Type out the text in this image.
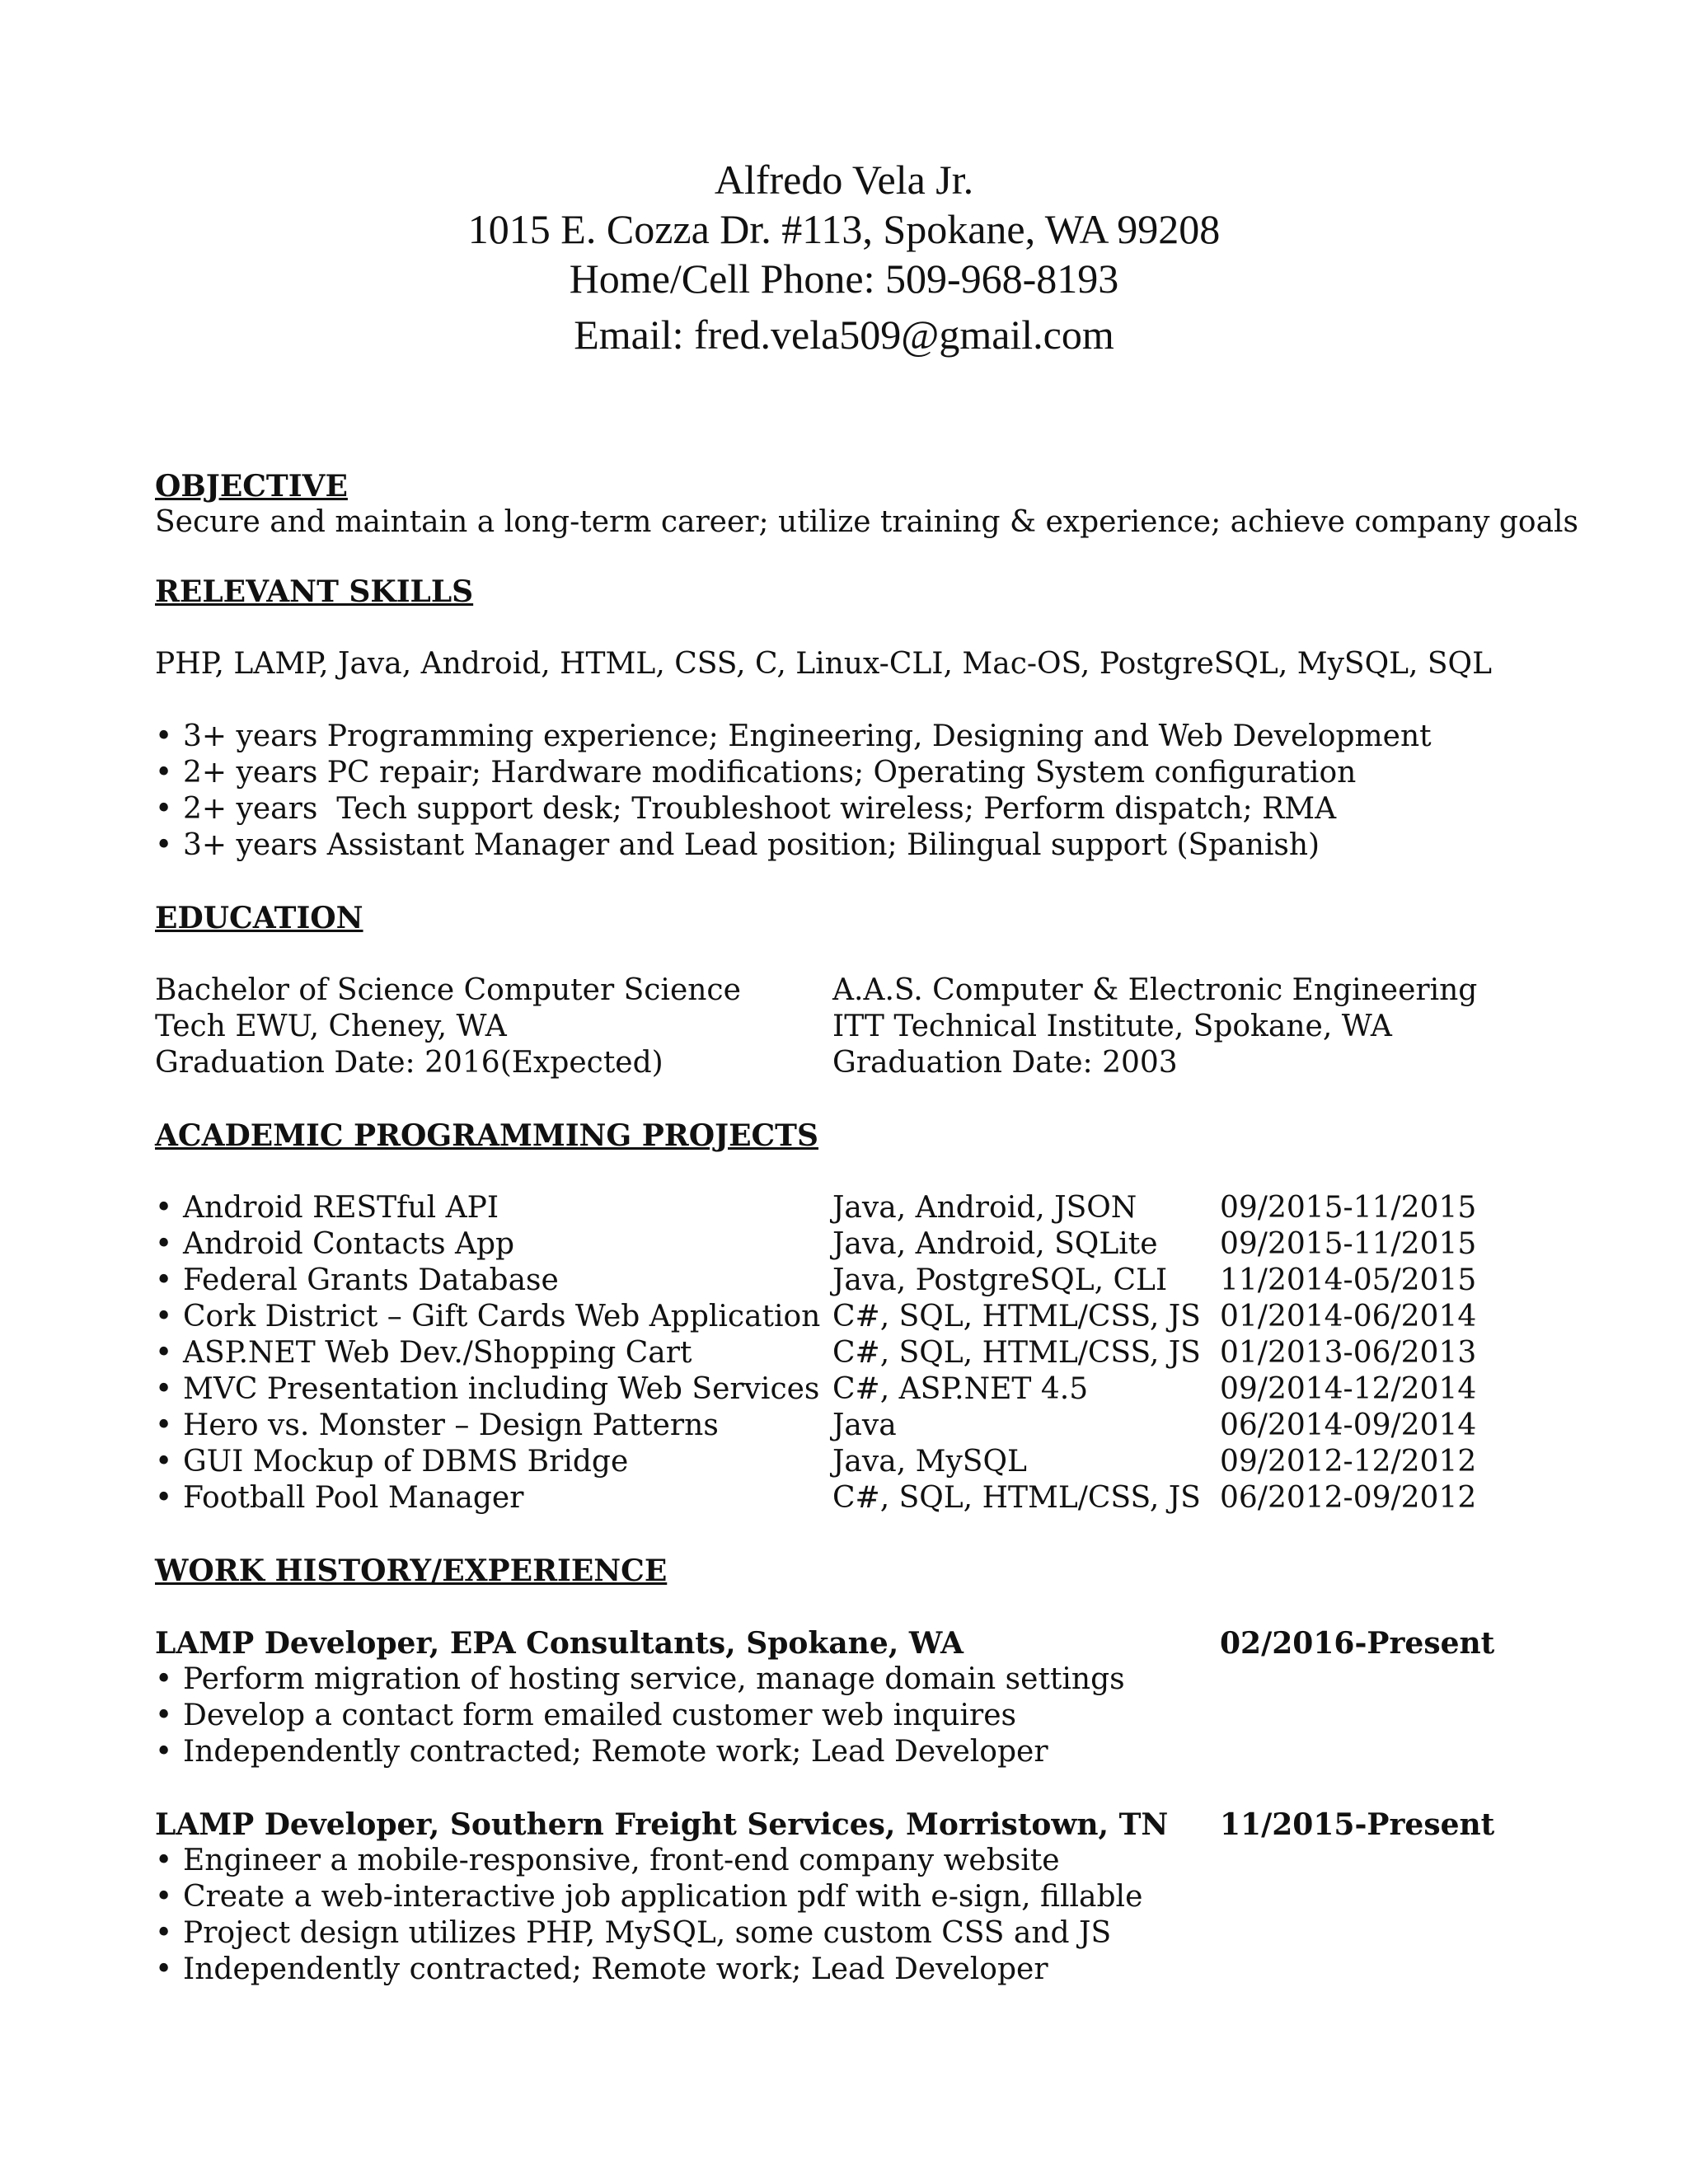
Alfredo Vela Jr.
1015 E. Cozza Dr. #113, Spokane, WA 99208
Home/Cell Phone: 509-968-8193
Email: fred.vela509@gmail.com
OBJECTIVE
Secure and maintain a long-term career; utilize training & experience; achieve company goals
RELEVANT SKILLS
PHP, LAMP, Java, Android, HTML, CSS, C, Linux-CLI, Mac-OS, PostgreSQL, MySQL, SQL
• 3+ years Programming experience; Engineering, Designing and Web Development
• 2+ years PC repair; Hardware modifications; Operating System configuration
• 2+ years  Tech support desk; Troubleshoot wireless; Perform dispatch; RMA
• 3+ years Assistant Manager and Lead position; Bilingual support (Spanish)
EDUCATION
Bachelor of Science Computer Science	A.A.S. Computer & Electronic Engineering
Tech EWU, Cheney, WA	ITT Technical Institute, Spokane, WA
Graduation Date: 2016(Expected)	Graduation Date: 2003
ACADEMIC PROGRAMMING PROJECTS
• Android RESTful API	Java, Android, JSON	09/2015-11/2015
• Android Contacts App	Java, Android, SQLite 09/2015-11/2015
• Federal Grants Database	Java, PostgreSQL, CLI 11/2014-05/2015
• Cork District – Gift Cards Web Application C#, SQL, HTML/CSS, JS 01/2014-06/2014
• ASP.NET Web Dev./Shopping Cart	C#, SQL, HTML/CSS, JS 01/2013-06/2013
• MVC Presentation including Web Services C#, ASP.NET 4.5	09/2014-12/2014
• Hero vs. Monster – Design Patterns	Java	06/2014-09/2014
• GUI Mockup of DBMS Bridge	Java, MySQL	09/2012-12/2012
• Football Pool Manager	C#, SQL, HTML/CSS, JS 06/2012-09/2012
WORK HISTORY/EXPERIENCE
LAMP Developer, EPA Consultants, Spokane, WA	02/2016-Present
• Perform migration of hosting service, manage domain settings
• Develop a contact form emailed customer web inquires
• Independently contracted; Remote work; Lead Developer
LAMP Developer, Southern Freight Services, Morristown, TN 11/2015-Present
• Engineer a mobile-responsive, front-end company website
• Create a web-interactive job application pdf with e-sign, fillable
• Project design utilizes PHP, MySQL, some custom CSS and JS
• Independently contracted; Remote work; Lead Developer
